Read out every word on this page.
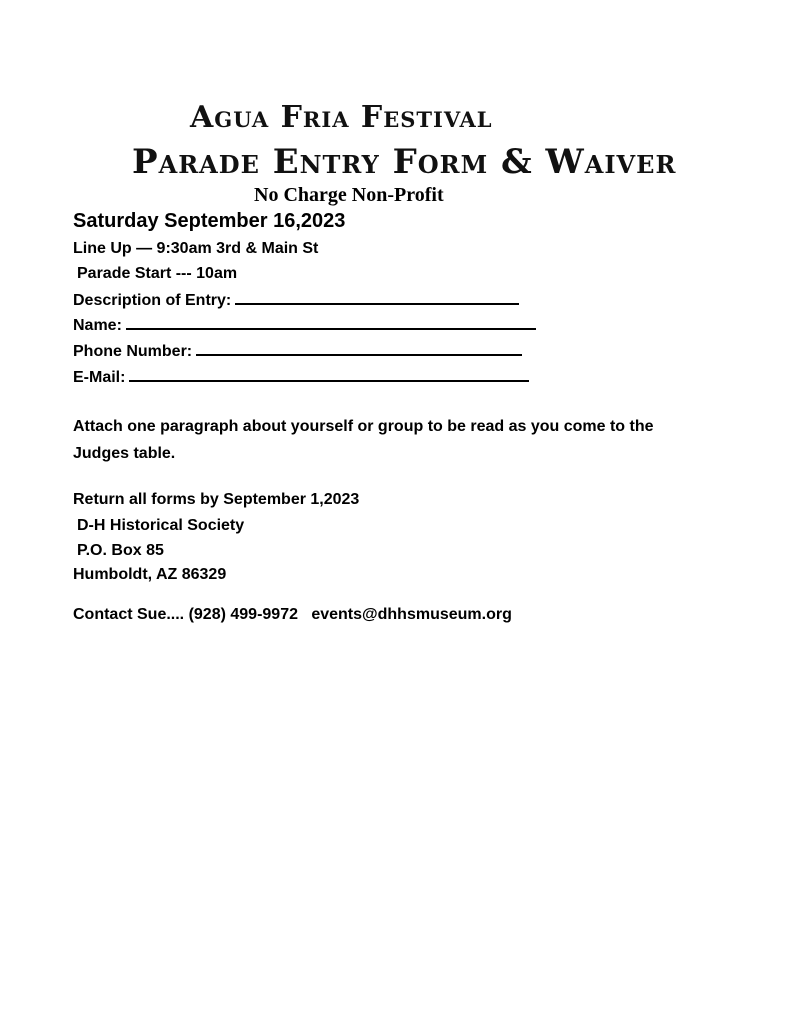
Agua Fria Festival
Parade Entry Form & Waiver

No Charge Non-Profit

Saturday September 16,2023

Line Up — 9:30am 3rd & Main St

Parade Start --- 10am

Description of Entry:
Name:
Phone Number:
E-Mail:

Attach one paragraph about yourself or group to be read as you come to the Judges table.

Return all forms by September 1,2023

D-H Historical Society

P.O. Box 85

Humboldt, AZ 86329

Contact Sue.... (928) 499-9972   events@dhhsmuseum.org
